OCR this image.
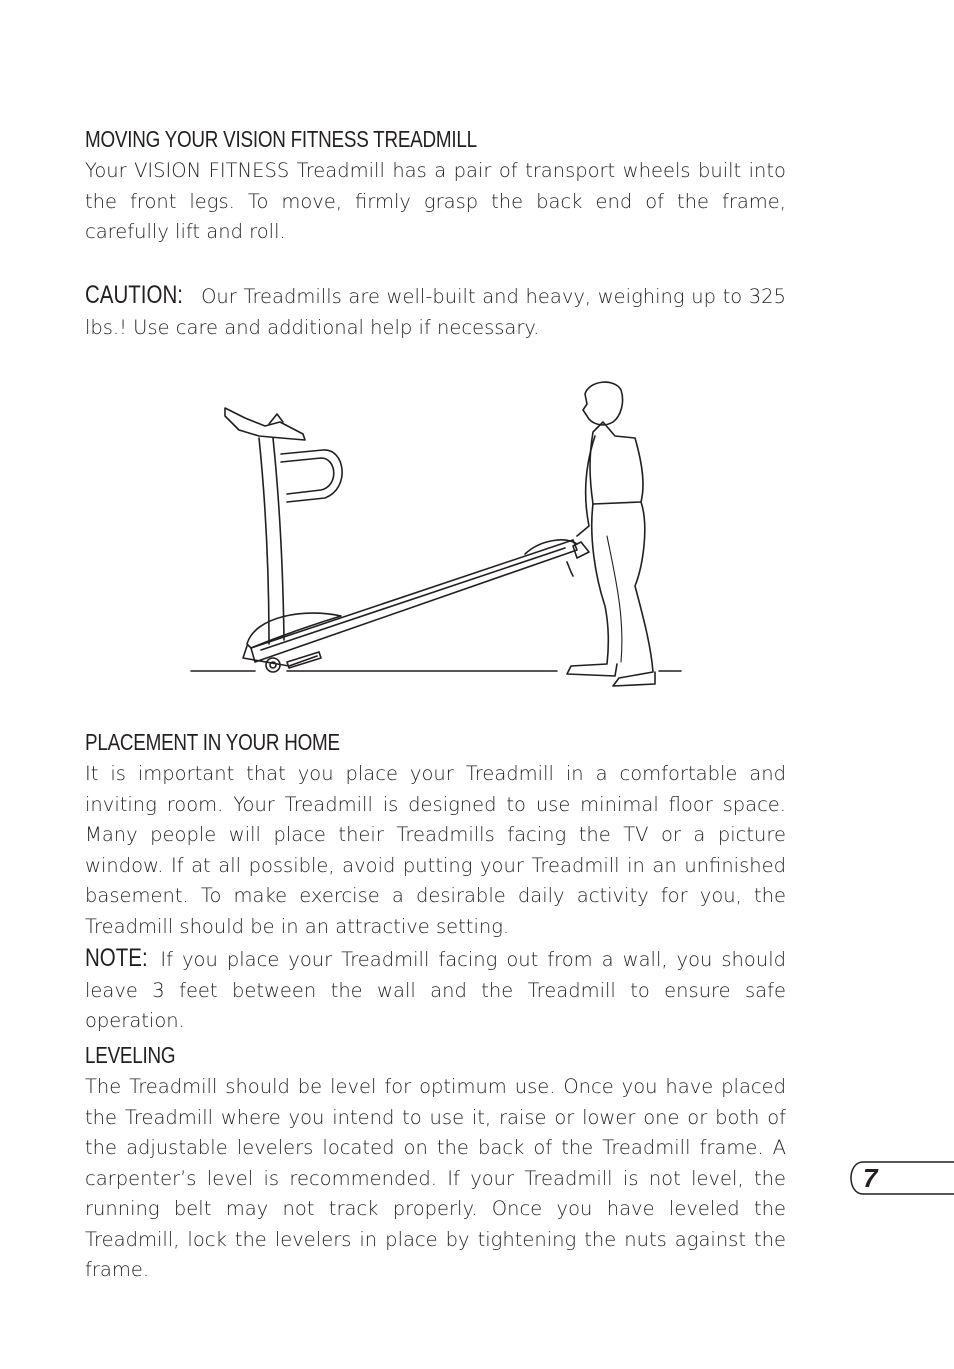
MOVING YOUR VISION FITNESS TREADMILL

Your VISION FITNESS Treadmill has a pair of transport wheels built into the front legs. To move, firmly grasp the back end of the frame, carefully lift and roll.

CAUTION: Our Treadmills are well-built and heavy, weighing up to 325 lbs.! Use care and additional help if necessary.

PLACEMENT IN YOUR HOME

It is important that you place your Treadmill in a comfortable and inviting room. Your Treadmill is designed to use minimal floor space. Many people will place their Treadmills facing the TV or a picture window. If at all possible, avoid putting your Treadmill in an unfinished basement. To make exercise a desirable daily activity for you, the Treadmill should be in an attractive setting.

NOTE: If you place your Treadmill facing out from a wall, you should leave 3 feet between the wall and the Treadmill to ensure safe operation.

LEVELING

The Treadmill should be level for optimum use. Once you have placed the Treadmill where you intend to use it, raise or lower one or both of the adjustable levelers located on the back of the Treadmill frame. A carpenter’s level is recommended. If your Treadmill is not level, the running belt may not track properly. Once you have leveled the Treadmill, lock the levelers in place by tightening the nuts against the frame.

7
